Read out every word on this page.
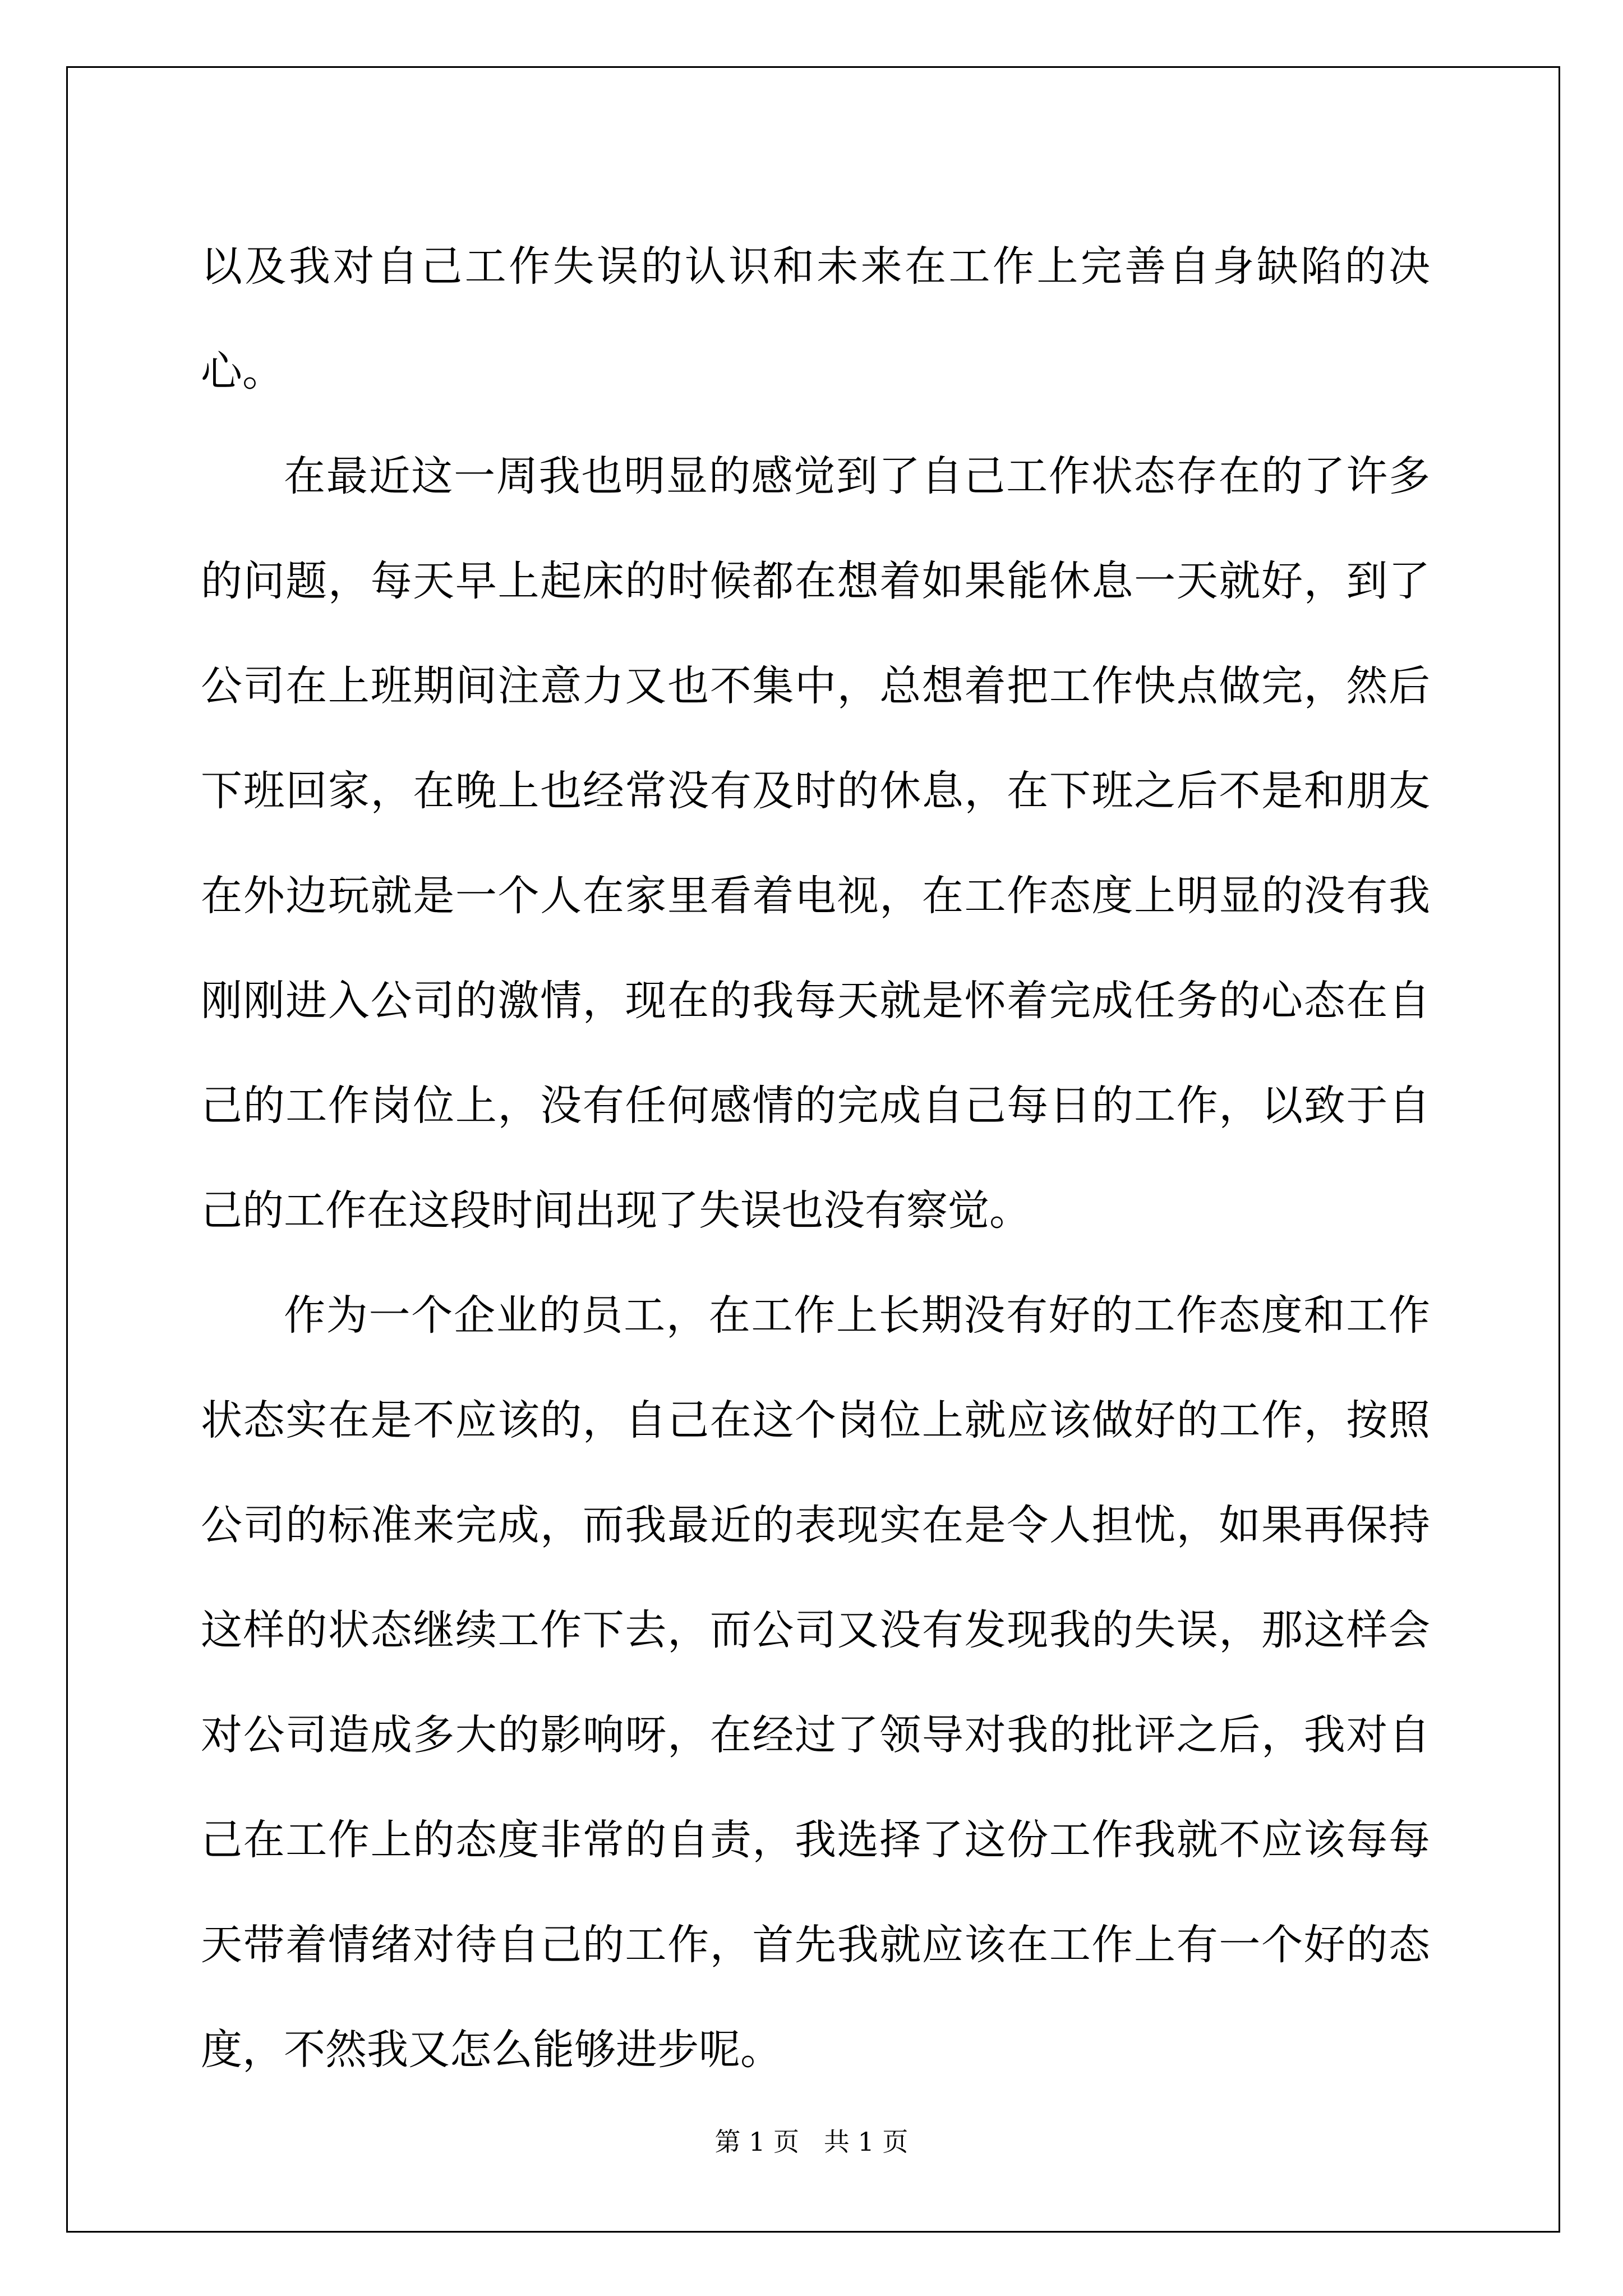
以及我对自己工作失误的认识和未来在工作上完善自身缺陷的决心。

在最近这一周我也明显的感觉到了自己工作状态存在的了许多的问题，每天早上起床的时候都在想着如果能休息一天就好，到了公司在上班期间注意力又也不集中，总想着把工作快点做完，然后下班回家，在晚上也经常没有及时的休息，在下班之后不是和朋友在外边玩就是一个人在家里看着电视，在工作态度上明显的没有我刚刚进入公司的激情，现在的我每天就是怀着完成任务的心态在自己的工作岗位上，没有任何感情的完成自己每日的工作，以致于自己的工作在这段时间出现了失误也没有察觉。

作为一个企业的员工，在工作上长期没有好的工作态度和工作状态实在是不应该的，自己在这个岗位上就应该做好的工作，按照公司的标准来完成，而我最近的表现实在是令人担忧，如果再保持这样的状态继续工作下去，而公司又没有发现我的失误，那这样会对公司造成多大的影响呀，在经过了领导对我的批评之后，我对自己在工作上的态度非常的自责，我选择了这份工作我就不应该每每天带着情绪对待自己的工作，首先我就应该在工作上有一个好的态度，不然我又怎么能够进步呢。

第 1 页   共 1 页
